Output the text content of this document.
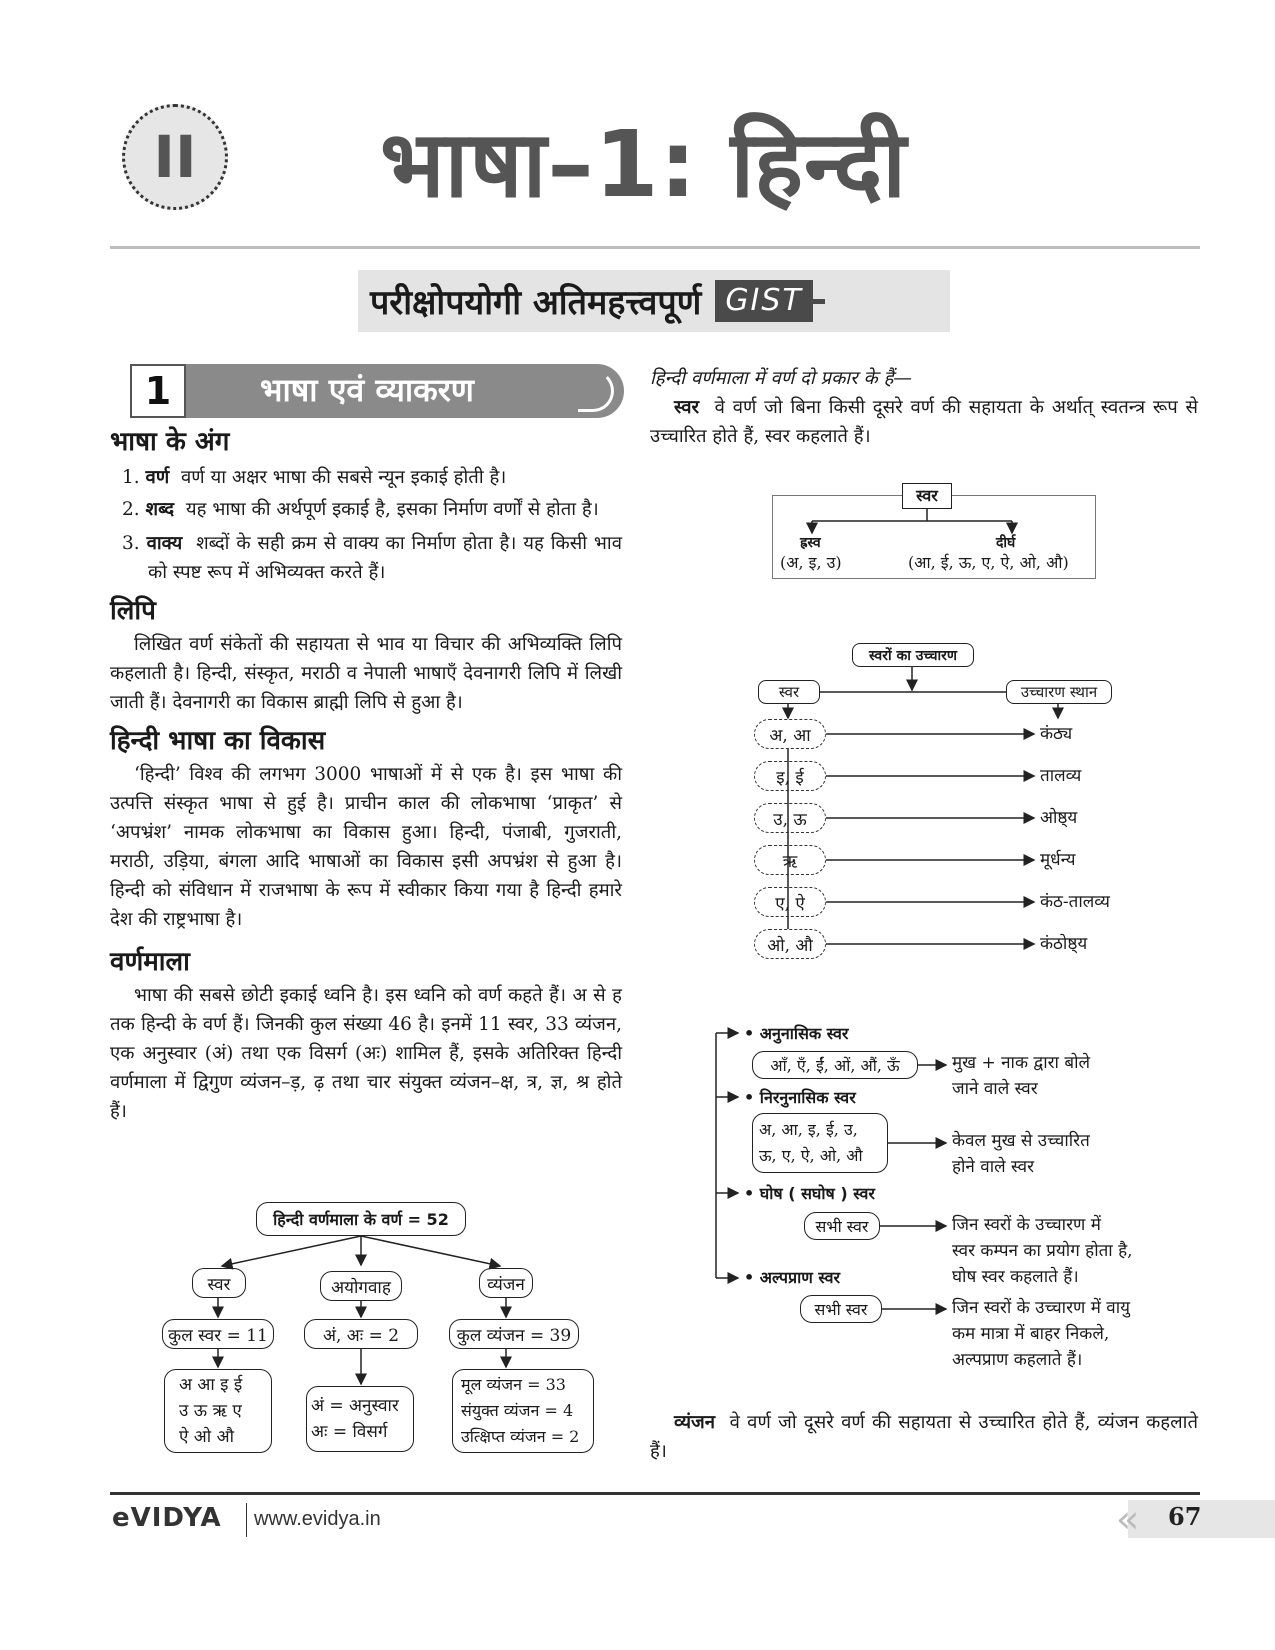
II	भाषा–1: हिन्दी
परीक्षोपयोगी अतिमहत्त्वपूर्ण GIST
1	भाषा एवं व्याकरण
भाषा के अंग
1. वर्ण वर्ण या अक्षर भाषा की सबसे न्यून इकाई होती है।
2. शब्द यह भाषा की अर्थपूर्ण इकाई है, इसका निर्माण वर्णों से होता है।
3. वाक्य शब्दों के सही क्रम से वाक्य का निर्माण होता है। यह किसी भाव को स्पष्ट रूप में अभिव्यक्त करते हैं।
लिपि
लिखित वर्ण संकेतों की सहायता से भाव या विचार की अभिव्यक्ति लिपि कहलाती है। हिन्दी, संस्कृत, मराठी व नेपाली भाषाएँ देवनागरी लिपि में लिखी जाती हैं। देवनागरी का विकास ब्राह्मी लिपि से हुआ है।
हिन्दी भाषा का विकास
‘हिन्दी’ विश्व की लगभग 3000 भाषाओं में से एक है। इस भाषा की उत्पत्ति संस्कृत भाषा से हुई है। प्राचीन काल की लोकभाषा ‘प्राकृत’ से ‘अपभ्रंश’ नामक लोकभाषा का विकास हुआ। हिन्दी, पंजाबी, गुजराती, मराठी, उड़िया, बंगला आदि भाषाओं का विकास इसी अपभ्रंश से हुआ है। हिन्दी को संविधान में राजभाषा के रूप में स्वीकार किया गया है हिन्दी हमारे देश की राष्ट्रभाषा है।
वर्णमाला
भाषा की सबसे छोटी इकाई ध्वनि है। इस ध्वनि को वर्ण कहते हैं। अ से ह तक हिन्दी के वर्ण हैं। जिनकी कुल संख्या 46 है। इनमें 11 स्वर, 33 व्यंजन, एक अनुस्वार (अं) तथा एक विसर्ग (अः) शामिल हैं, इसके अतिरिक्त हिन्दी वर्णमाला में द्विगुण व्यंजन–ड़, ढ़ तथा चार संयुक्त व्यंजन–क्ष, त्र, ज्ञ, श्र होते हैं।
हिन्दी वर्णमाला के वर्ण = 52
स्वर	अयोगवाह	व्यंजन
कुल स्वर = 11	अं, अः = 2	कुल व्यंजन = 39
अ आ इ ई
उ ऊ ऋ ए
ऐ ओ औ
अं = अनुस्वार
अः = विसर्ग
मूल व्यंजन = 33
संयुक्त व्यंजन = 4
उत्क्षिप्त व्यंजन = 2
हिन्दी वर्णमाला में वर्ण दो प्रकार के हैं—
स्वर वे वर्ण जो बिना किसी दूसरे वर्ण की सहायता के अर्थात् स्वतन्त्र रूप से उच्चारित होते हैं, स्वर कहलाते हैं।
स्वर
ह्रस्व
(अ, इ, उ)
दीर्घ
(आ, ई, ऊ, ए, ऐ, ओ, औ)
स्वरों का उच्चारण
स्वर	उच्चारण स्थान
अ, आ	कंठ्य
इ, ई	तालव्य
उ, ऊ	ओष्ठ्य
ऋ	मूर्धन्य
ए, ऐ	कंठ-तालव्य
ओ, औ	कंठोष्ठ्य
• अनुनासिक स्वर
आँ, एँ, ईं, ओं, औं, ऊँ	मुख + नाक द्वारा बोले
जाने वाले स्वर
• निरनुनासिक स्वर
अ, आ, इ, ई, उ,
ऊ, ए, ऐ, ओ, औ
केवल मुख से उच्चारित
होने वाले स्वर
• घोष ( सघोष ) स्वर
सभी स्वर	जिन स्वरों के उच्चारण में
स्वर कम्पन का प्रयोग होता है,
घोष स्वर कहलाते हैं।
• अल्पप्राण स्वर
सभी स्वर	जिन स्वरों के उच्चारण में वायु
कम मात्रा में बाहर निकले,
अल्पप्राण कहलाते हैं।
व्यंजन वे वर्ण जो दूसरे वर्ण की सहायता से उच्चारित होते हैं, व्यंजन कहलाते हैं।
eVIDYA www.evidya.in	« 67
